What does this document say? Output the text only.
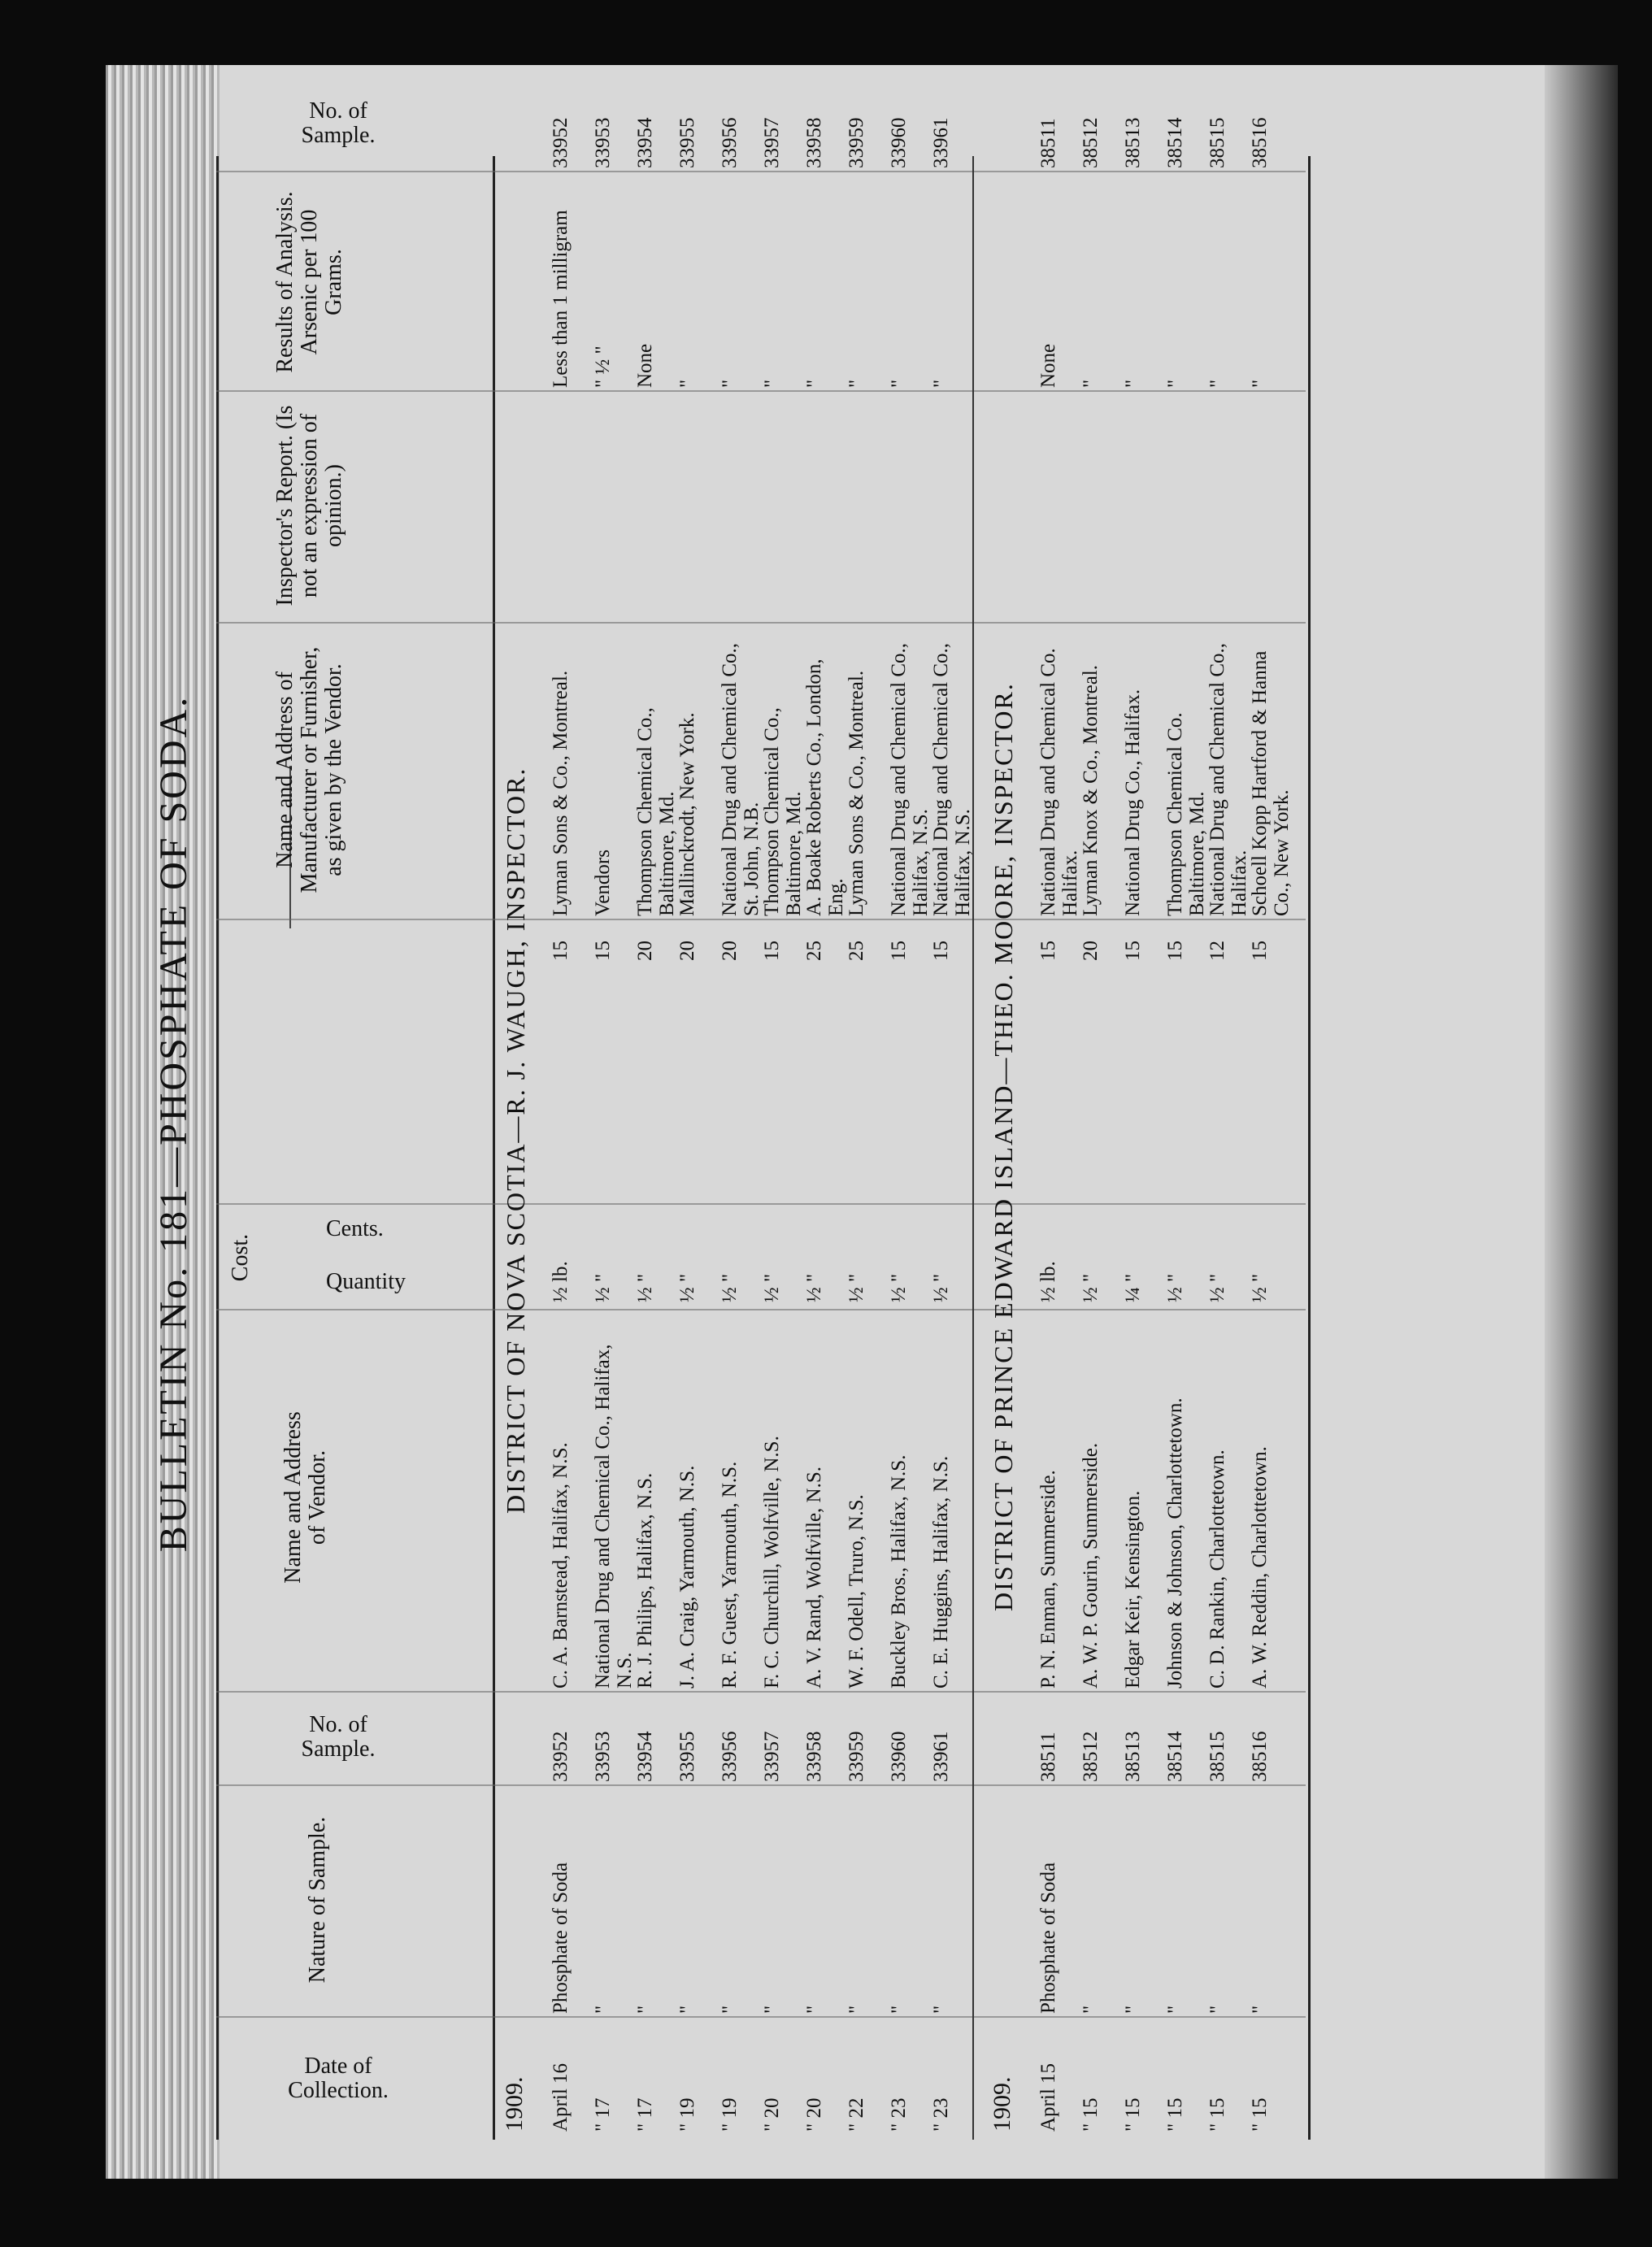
BULLETIN No. 181—PHOSPHATE OF SODA.
Date of Collection.
Nature of Sample.
No. of Sample.
Name and Address of Vendor.
Cost.
Quantity
Cents.
Name and Address of Manufacturer or Furnisher, as given by the Vendor.
Inspector's Report. (Is not an expression of opinion.)
Results of Analysis. Arsenic per 100 Grams.
No. of Sample.
1909.
DISTRICT OF NOVA SCOTIA—R. J. WAUGH, INSPECTOR.
April 16
Phosphate of Soda
33952
C. A. Barnstead, Halifax, N.S.
½ lb.
15
Lyman Sons & Co., Montreal.
Less than 1 milligram
33952
" 17
"
33953
National Drug and Chemical Co., Halifax, N.S.
½ "
15
Vendors
" ½ "
33953
" 17
"
33954
R. J. Philips, Halifax, N.S.
½ "
20
Thompson Chemical Co., Baltimore, Md.
None
33954
" 19
"
33955
J. A. Craig, Yarmouth, N.S.
½ "
20
Mallinckrodt, New York.
"
33955
" 19
"
33956
R. F. Guest, Yarmouth, N.S.
½ "
20
National Drug and Chemical Co., St. John, N.B.
"
33956
" 20
"
33957
F. C. Churchill, Wolfville, N.S.
½ "
15
Thompson Chemical Co., Baltimore, Md.
"
33957
" 20
"
33958
A. V. Rand, Wolfville, N.S.
½ "
25
A. Boake Roberts Co., London, Eng.
"
33958
" 22
"
33959
W. F. Odell, Truro, N.S.
½ "
25
Lyman Sons & Co., Montreal.
"
33959
" 23
"
33960
Buckley Bros., Halifax, N.S.
½ "
15
National Drug and Chemical Co., Halifax, N.S.
"
33960
" 23
"
33961
C. E. Huggins, Halifax, N.S.
½ "
15
National Drug and Chemical Co., Halifax, N.S.
"
33961
1909.
DISTRICT OF PRINCE EDWARD ISLAND—THEO. MOORE, INSPECTOR.
April 15
Phosphate of Soda
38511
P. N. Enman, Summerside.
½ lb.
15
National Drug and Chemical Co. Halifax.
None
38511
" 15
"
38512
A. W. P. Gourin, Summerside.
½ "
20
Lyman Knox & Co., Montreal.
"
38512
" 15
"
38513
Edgar Keir, Kensington.
¼ "
15
National Drug Co., Halifax.
"
38513
" 15
"
38514
Johnson & Johnson, Charlottetown.
½ "
15
Thompson Chemical Co. Baltimore, Md.
"
38514
" 15
"
38515
C. D. Rankin, Charlottetown.
½ "
12
National Drug and Chemical Co., Halifax.
"
38515
" 15
"
38516
A. W. Reddin, Charlottetown.
½ "
15
Schoell Kopp Hartford & Hanna Co., New York.
"
38516
